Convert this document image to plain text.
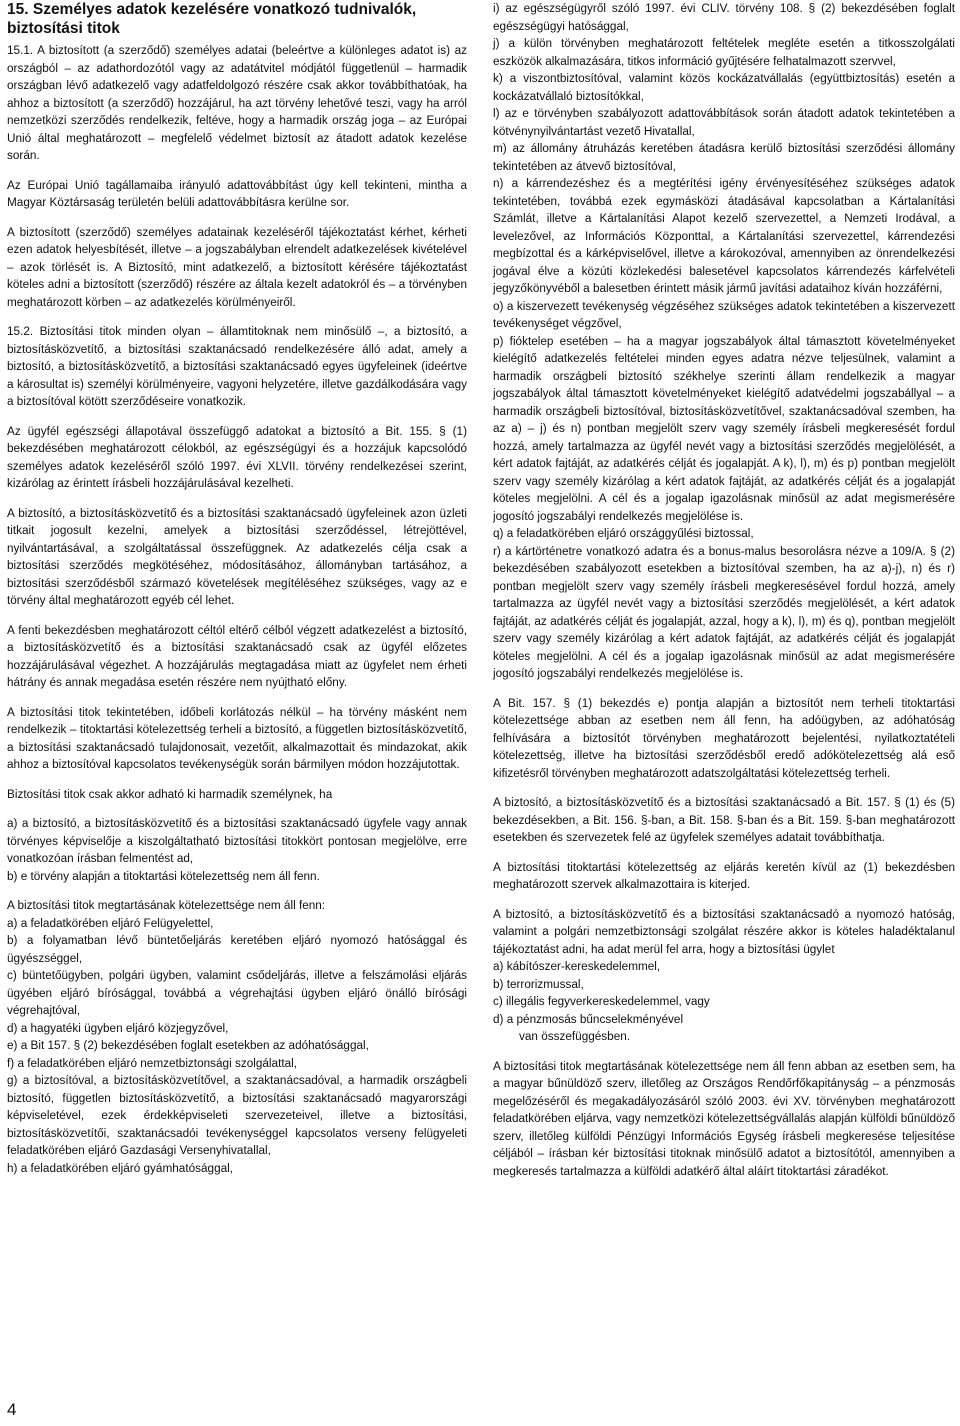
15. Személyes adatok kezelésére vonatkozó tudnivalók, biztosítási titok

15.1. A biztosított (a szerződő) személyes adatai (beleértve a különleges adatot is) az országból – az adathordozótól vagy az adatátvitel módjától függetlenül – harmadik országban lévő adatkezelő vagy adatfeldolgozó részére csak akkor továbbíthatóak, ha ahhoz a biztosított (a szerződő) hozzájárul, ha azt törvény lehetővé teszi, vagy ha arról nemzetközi szerződés rendelkezik, feltéve, hogy a harmadik ország joga – az Európai Unió által meghatározott – megfelelő védelmet biztosít az átadott adatok kezelése során.

Az Európai Unió tagállamaiba irányuló adattovábbítást úgy kell tekinteni, mintha a Magyar Köztársaság területén belüli adattovábbításra kerülne sor.

A biztosított (szerződő) személyes adatainak kezeléséről tájékoztatást kérhet, kérheti ezen adatok helyesbítését, illetve – a jogszabályban elrendelt adatkezelések kivételével – azok törlését is. A Biztosító, mint adatkezelő, a biztosított kérésére tájékoztatást köteles adni a biztosított (szerződő) részére az általa kezelt adatokról és – a törvényben meghatározott körben – az adatkezelés körülményeiről.

15.2. Biztosítási titok minden olyan – államtitoknak nem minősülő –, a biztosító, a biztosításközvetítő, a biztosítási szaktanácsadó rendelkezésére álló adat, amely a biztosító, a biztosításközvetítő, a biztosítási szaktanácsadó egyes ügyfeleinek (ideértve a károsultat is) személyi körülményeire, vagyoni helyzetére, illetve gazdálkodására vagy a biztosítóval kötött szerződéseire vonatkozik.

Az ügyfél egészségi állapotával összefüggő adatokat a biztosító a Bit. 155. § (1) bekezdésében meghatározott célokból, az egészségügyi és a hozzájuk kapcsolódó személyes adatok kezeléséről szóló 1997. évi XLVII. törvény rendelkezései szerint, kizárólag az érintett írásbeli hozzájárulásával kezelheti.

A biztosító, a biztosításközvetítő és a biztosítási szaktanácsadó ügyfeleinek azon üzleti titkait jogosult kezelni, amelyek a biztosítási szerződéssel, létrejöttével, nyilvántartásával, a szolgáltatással összefüggnek. Az adatkezelés célja csak a biztosítási szerződés megkötéséhez, módosításához, állományban tartásához, a biztosítási szerződésből származó követelések megítéléséhez szükséges, vagy az e törvény által meghatározott egyéb cél lehet.

A fenti bekezdésben meghatározott céltól eltérő célból végzett adatkezelést a biztosító, a biztosításközvetítő és a biztosítási szaktanácsadó csak az ügyfél előzetes hozzájárulásával végezhet. A hozzájárulás megtagadása miatt az ügyfelet nem érheti hátrány és annak megadása esetén részére nem nyújtható előny.

A biztosítási titok tekintetében, időbeli korlátozás nélkül – ha törvény másként nem rendelkezik – titoktartási kötelezettség terheli a biztosító, a független biztosításközvetítő, a biztosítási szaktanácsadó tulajdonosait, vezetőit, alkalmazottait és mindazokat, akik ahhoz a biztosítóval kapcsolatos tevékenységük során bármilyen módon hozzájutottak.

Biztosítási titok csak akkor adható ki harmadik személynek, ha

a) a biztosító, a biztosításközvetítő és a biztosítási szaktanácsadó ügyfele vagy annak törvényes képviselője a kiszolgáltatható biztosítási titokkört pontosan megjelölve, erre vonatkozóan írásban felmentést ad,

b) e törvény alapján a titoktartási kötelezettség nem áll fenn.

A biztosítási titok megtartásának kötelezettsége nem áll fenn:

a) a feladatkörében eljáró Felügyelettel,

b) a folyamatban lévő büntetőeljárás keretében eljáró nyomozó hatósággal és ügyészséggel,

c) büntetőügyben, polgári ügyben, valamint csődeljárás, illetve a felszámolási eljárás ügyében eljáró bírósággal, továbbá a végrehajtási ügyben eljáró önálló bírósági végrehajtóval,

d) a hagyatéki ügyben eljáró közjegyzővel,

e) a Bit 157. § (2) bekezdésében foglalt esetekben az adóhatósággal,

f) a feladatkörében eljáró nemzetbiztonsági szolgálattal,

g) a biztosítóval, a biztosításközvetítővel, a szaktanácsadóval, a harmadik országbeli biztosító, független biztosításközvetítő, a biztosítási szaktanácsadó magyarországi képviseletével, ezek érdekképviseleti szervezeteivel, illetve a biztosítási, biztosításközvetítői, szaktanácsadói tevékenységgel kapcsolatos verseny felügyeleti feladatkörében eljáró Gazdasági Versenyhivatallal,

h) a feladatkörében eljáró gyámhatósággal,

i) az egészségügyről szóló 1997. évi CLIV. törvény 108. § (2) bekezdésében foglalt egészségügyi hatósággal,

j) a külön törvényben meghatározott feltételek megléte esetén a titkosszolgálati eszközök alkalmazására, titkos információ gyűjtésére felhatalmazott szervvel,

k) a viszontbiztosítóval, valamint közös kockázatvállalás (együttbiztosítás) esetén a kockázatvállaló biztosítókkal,

l) az e törvényben szabályozott adattovábbítások során átadott adatok tekintetében a kötvénynyilvántartást vezető Hivatallal,

m) az állomány átruházás keretében átadásra kerülő biztosítási szerződési állomány tekintetében az átvevő biztosítóval,

n) a kárrendezéshez és a megtérítési igény érvényesítéséhez szükséges adatok tekintetében, továbbá ezek egymásközi átadásával kapcsolatban a Kártalanítási Számlát, illetve a Kártalanítási Alapot kezelő szervezettel, a Nemzeti Irodával, a levelezővel, az Információs Központtal, a Kártalanítási szervezettel, kárrendezési megbízottal és a kárképviselővel, illetve a károkozóval, amennyiben az önrendelkezési jogával élve a közúti közlekedési balesetével kapcsolatos kárrendezés kárfelvételi jegyzőkönyvéből a balesetben érintett másik jármű javítási adataihoz kíván hozzáférni,

o) a kiszervezett tevékenység végzéséhez szükséges adatok tekintetében a kiszervezett tevékenységet végzővel,

p) fióktelep esetében – ha a magyar jogszabályok által támasztott követelményeket kielégítő adatkezelés feltételei minden egyes adatra nézve teljesülnek, valamint a harmadik országbeli biztosító székhelye szerinti állam rendelkezik a magyar jogszabályok által támasztott követelményeket kielégítő adatvédelmi jogszabállyal – a harmadik országbeli biztosítóval, biztosításközvetítővel, szaktanácsadóval szemben, ha az a) – j) és n) pontban megjelölt szerv vagy személy írásbeli megkeresését fordul hozzá, amely tartalmazza az ügyfél nevét vagy a biztosítási szerződés megjelölését, a kért adatok fajtáját, az adatkérés célját és jogalapját. A k), l), m) és p) pontban megjelölt szerv vagy személy kizárólag a kért adatok fajtáját, az adatkérés célját és a jogalapját köteles megjelölni. A cél és a jogalap igazolásnak minősül az adat megismerésére jogosító jogszabályi rendelkezés megjelölése is.

q) a feladatkörében eljáró országgyűlési biztossal,

r) a kártörténetre vonatkozó adatra és a bonus-malus besorolásra nézve a 109/A. § (2) bekezdésében szabályozott esetekben a biztosítóval szemben, ha az a)-j), n) és r) pontban megjelölt szerv vagy személy írásbeli megkeresésével fordul hozzá, amely tartalmazza az ügyfél nevét vagy a biztosítási szerződés megjelölését, a kért adatok fajtáját, az adatkérés célját és jogalapját, azzal, hogy a k), l), m) és q), pontban megjelölt szerv vagy személy kizárólag a kért adatok fajtáját, az adatkérés célját és jogalapját köteles megjelölni. A cél és a jogalap igazolásnak minősül az adat megismerésére jogosító jogszabályi rendelkezés megjelölése is.

A Bit. 157. § (1) bekezdés e) pontja alapján a biztosítót nem terheli titoktartási kötelezettsége abban az esetben nem áll fenn, ha adóügyben, az adóhatóság felhívására a biztosítót törvényben meghatározott bejelentési, nyilatkoztatételi kötelezettség, illetve ha biztosítási szerződésből eredő adókötelezettség alá eső kifizetésről törvényben meghatározott adatszolgáltatási kötelezettség terheli.

A biztosító, a biztosításközvetítő és a biztosítási szaktanácsadó a Bit. 157. § (1) és (5) bekezdésekben, a Bit. 156. §-ban, a Bit. 158. §-ban és a Bit. 159. §-ban meghatározott esetekben és szervezetek felé az ügyfelek személyes adatait továbbíthatja.

A biztosítási titoktartási kötelezettség az eljárás keretén kívül az (1) bekezdésben meghatározott szervek alkalmazottaira is kiterjed.

A biztosító, a biztosításközvetítő és a biztosítási szaktanácsadó a nyomozó hatóság, valamint a polgári nemzetbiztonsági szolgálat részére akkor is köteles haladéktalanul tájékoztatást adni, ha adat merül fel arra, hogy a biztosítási ügylet

a) kábítószer-kereskedelemmel,

b) terrorizmussal,

c) illegális fegyverkereskedelemmel, vagy

d) a pénzmosás bűncselekményével

van összefüggésben.

A biztosítási titok megtartásának kötelezettsége nem áll fenn abban az esetben sem, ha a magyar bűnüldöző szerv, illetőleg az Országos Rendőrfőkapitányság – a pénzmosás megelőzéséről és megakadályozásáról szóló 2003. évi XV. törvényben meghatározott feladatkörében eljárva, vagy nemzetközi kötelezettségvállalás alapján külföldi bűnüldöző szerv, illetőleg külföldi Pénzügyi Információs Egység írásbeli megkeresése teljesítése céljából – írásban kér biztosítási titoknak minősülő adatot a biztosítótól, amennyiben a megkeresés tartalmazza a külföldi adatkérő által aláírt titoktartási záradékot.

4
